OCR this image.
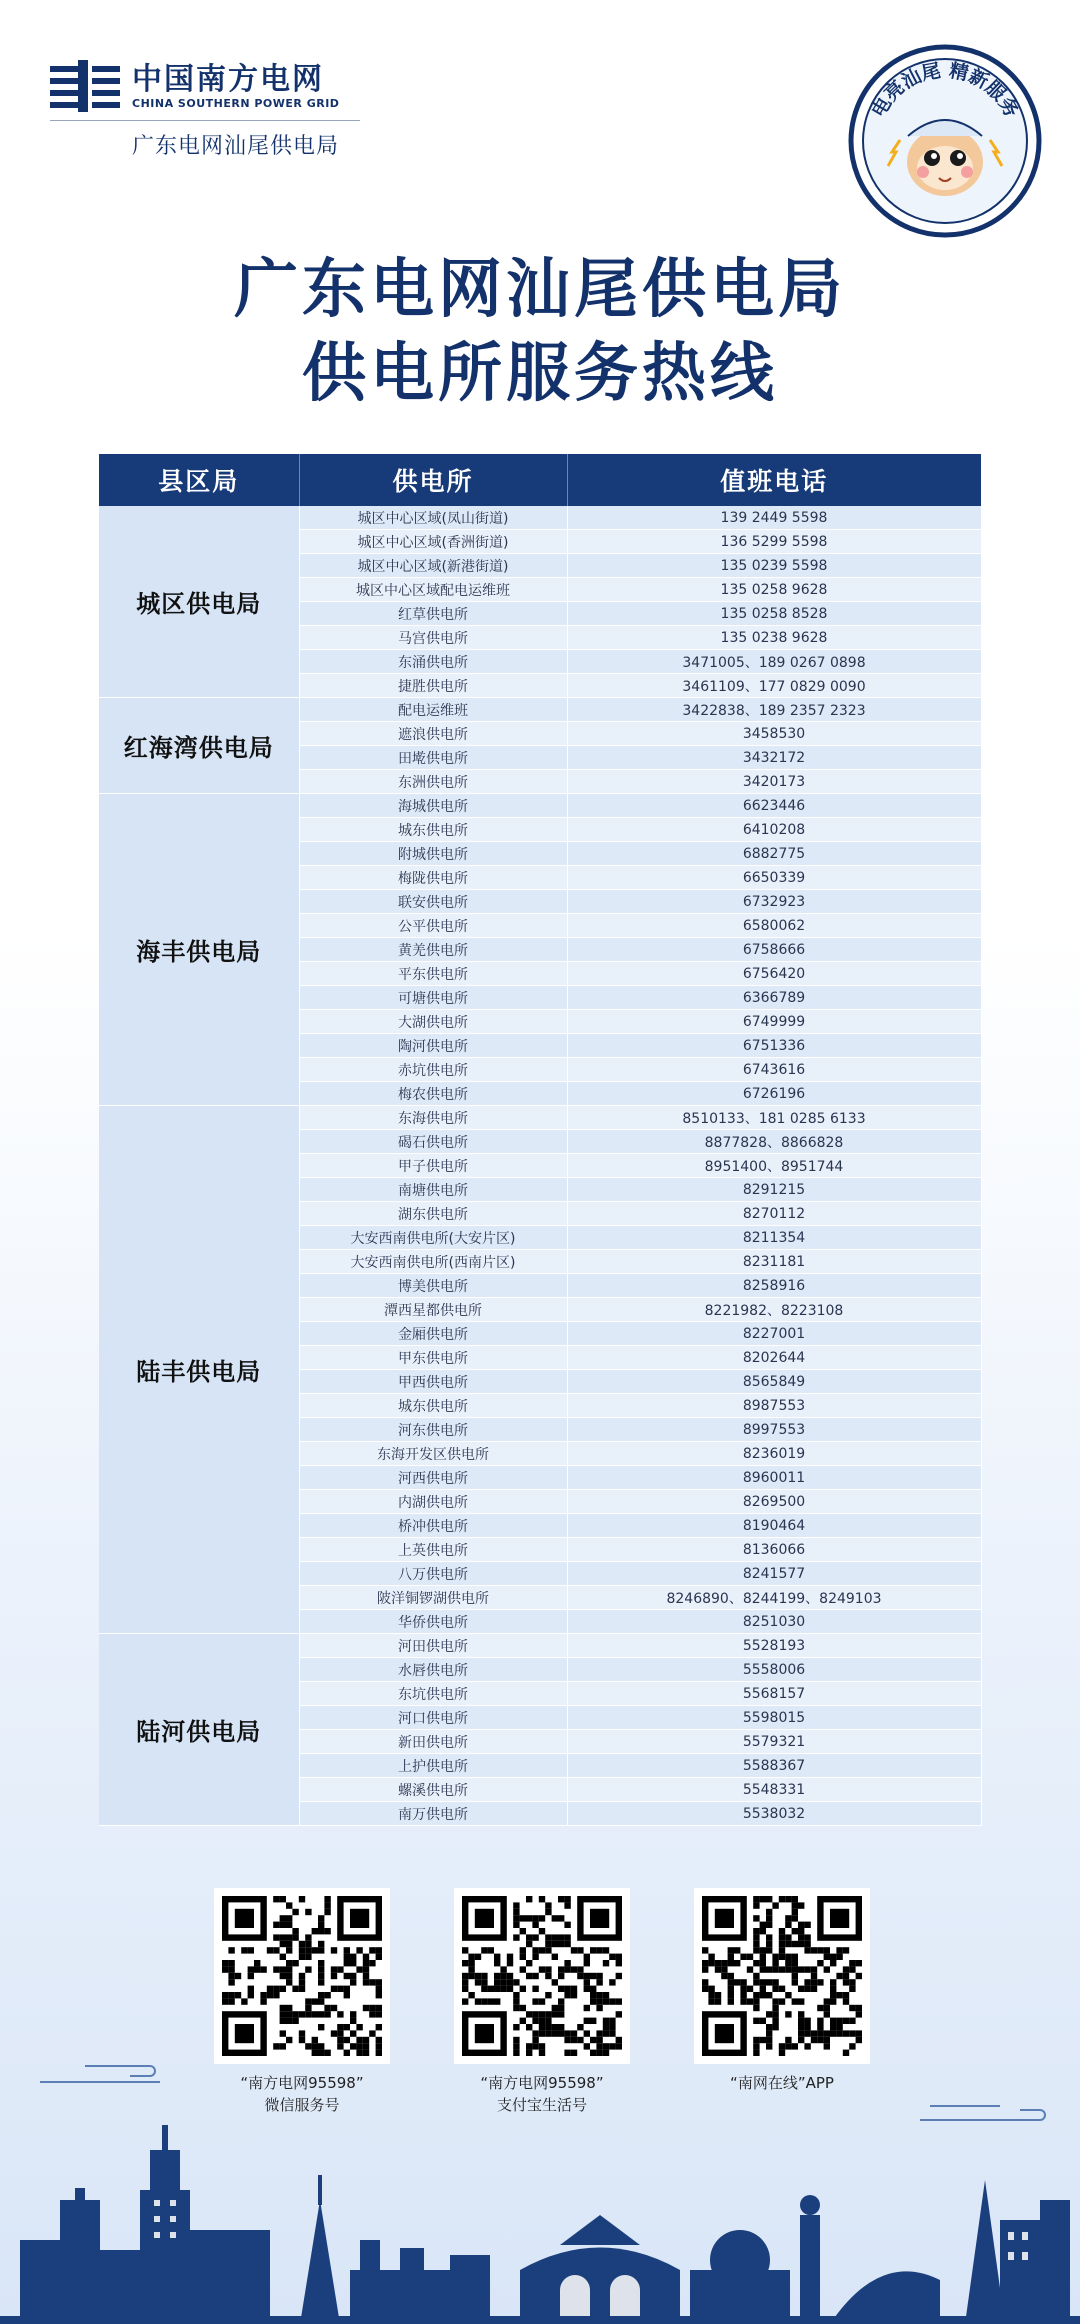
中国南方电网
CHINA SOUTHERN POWER GRID
广东电网汕尾供电局
电亮汕尾 精新服务
广东电网汕尾供电局
供电所服务热线
县区局	供电所	值班电话
城区供电局	城区中心区域(凤山街道)	139 2449 5598
	城区中心区域(香洲街道)	136 5299 5598
	城区中心区域(新港街道)	135 0239 5598
	城区中心区域配电运维班	135 0258 9628
	红草供电所	135 0258 8528
	马宫供电所	135 0238 9628
	东涌供电所	3471005、189 0267 0898
	捷胜供电所	3461109、177 0829 0090
红海湾供电局	配电运维班	3422838、189 2357 2323
	遮浪供电所	3458530
	田墘供电所	3432172
	东洲供电所	3420173
海丰供电局	海城供电所	6623446
	城东供电所	6410208
	附城供电所	6882775
	梅陇供电所	6650339
	联安供电所	6732923
	公平供电所	6580062
	黄羌供电所	6758666
	平东供电所	6756420
	可塘供电所	6366789
	大湖供电所	6749999
	陶河供电所	6751336
	赤坑供电所	6743616
	梅农供电所	6726196
陆丰供电局	东海供电所	8510133、181 0285 6133
	碣石供电所	8877828、8866828
	甲子供电所	8951400、8951744
	南塘供电所	8291215
	湖东供电所	8270112
	大安西南供电所(大安片区)	8211354
	大安西南供电所(西南片区)	8231181
	博美供电所	8258916
	潭西星都供电所	8221982、8223108
	金厢供电所	8227001
	甲东供电所	8202644
	甲西供电所	8565849
	城东供电所	8987553
	河东供电所	8997553
	东海开发区供电所	8236019
	河西供电所	8960011
	内湖供电所	8269500
	桥冲供电所	8190464
	上英供电所	8136066
	八万供电所	8241577
	陂洋铜锣湖供电所	8246890、8244199、8249103
	华侨供电所	8251030
陆河供电局	河田供电所	5528193
	水唇供电所	5558006
	东坑供电所	5568157
	河口供电所	5598015
	新田供电所	5579321
	上护供电所	5588367
	螺溪供电所	5548331
	南万供电所	5538032
“南方电网95598”
微信服务号
“南方电网95598”
支付宝生活号
“南网在线”APP
